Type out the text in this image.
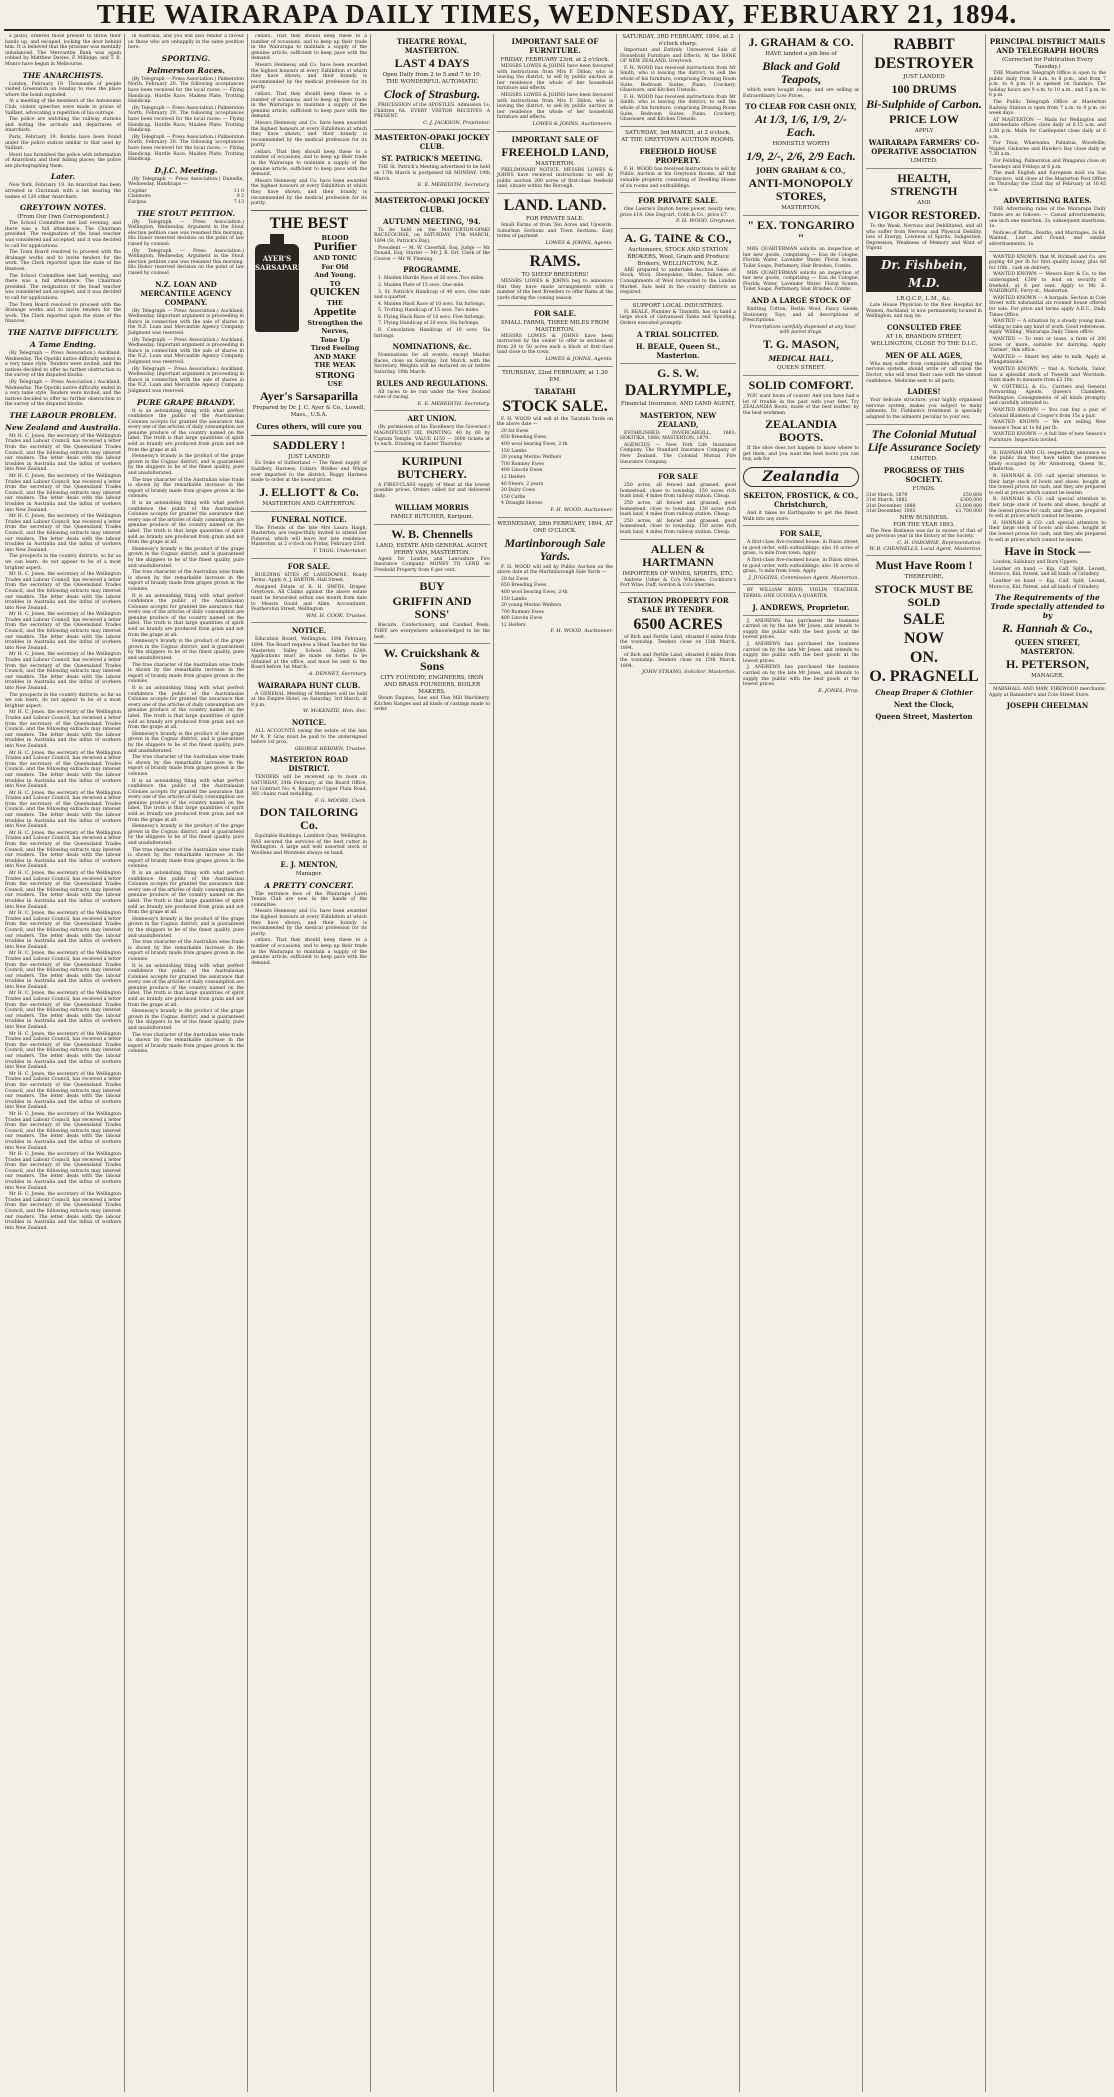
THE WAIRARAPA DAILY TIMES, WEDNESDAY, FEBRUARY 21, 1894.

a pistol, ordered those present to throw their hands up, and escaped, locking the door behind him. It is believed that the prisoner was mentally unbalanced. The Mercantile Bank was again robbed by Matthew Davies, F. Millidge, and T. B. Munro have begun in Melbourne.

THE ANARCHISTS.

London, February 19. Thousands of people visited Greenwich on Sunday to view the place where the bomb exploded.

At a meeting of the members of the Autonomie Club, violent speeches were made in praise of Vaillant, advocating a repetition of his outrage.

The police are watching the railway stations and noting the arrivals and departures of Anarchists.

Paris, February 19. Bombs have been found under the police station similar to that used by Vaillant.

Henri has furnished the police with information of Anarchists and their hiding places; the police are photographing them.

Later.

New York, February 19. An Anarchist has been arrested in Cincinnati with a list bearing the names of 120 other Anarchists.

GREYTOWN NOTES.
(From Our Own Correspondent.)

The School Committee met last evening, and there was a full attendance. The Chairman presided. The resignation of the head teacher was considered and accepted, and it was decided to call for applications.

The Town Board resolved to proceed with the drainage works and to invite tenders for the work. The Clerk reported upon the state of the finances.

The School Committee met last evening, and there was a full attendance. The Chairman presided. The resignation of the head teacher was considered and accepted, and it was decided to call for applications.

The Town Board resolved to proceed with the drainage works and to invite tenders for the work. The Clerk reported upon the state of the finances.

THE NATIVE DIFFICULTY.
A Tame Ending.

(By Telegraph — Press Association.) Auckland, Wednesday. The Opotiki native difficulty ended in a very tame style. Tenders were invited, and the natives decided to offer no further obstruction to the survey of the disputed blocks.

(By Telegraph — Press Association.) Auckland, Wednesday. The Opotiki native difficulty ended in a very tame style. Tenders were invited, and the natives decided to offer no further obstruction to the survey of the disputed blocks.

THE LABOUR PROBLEM.
New Zealand and Australia.

Mr H. C. Jones, the secretary of the Wellington Trades and Labour Council, has received a letter from the secretary of the Queensland Trades Council, and the following extracts may interest our readers. The letter deals with the labour troubles in Australia and the influx of workers into New Zealand.

Mr H. C. Jones, the secretary of the Wellington Trades and Labour Council, has received a letter from the secretary of the Queensland Trades Council, and the following extracts may interest our readers. The letter deals with the labour troubles in Australia and the influx of workers into New Zealand.

Mr H. C. Jones, the secretary of the Wellington Trades and Labour Council, has received a letter from the secretary of the Queensland Trades Council, and the following extracts may interest our readers. The letter deals with the labour troubles in Australia and the influx of workers into New Zealand.

The prospects in the country districts, so far as we can learn, do not appear to be of a most brighter aspect.

Mr H. C. Jones, the secretary of the Wellington Trades and Labour Council, has received a letter from the secretary of the Queensland Trades Council, and the following extracts may interest our readers. The letter deals with the labour troubles in Australia and the influx of workers into New Zealand.

Mr H. C. Jones, the secretary of the Wellington Trades and Labour Council, has received a letter from the secretary of the Queensland Trades Council, and the following extracts may interest our readers. The letter deals with the labour troubles in Australia and the influx of workers into New Zealand.

Mr H. C. Jones, the secretary of the Wellington Trades and Labour Council, has received a letter from the secretary of the Queensland Trades Council, and the following extracts may interest our readers. The letter deals with the labour troubles in Australia and the influx of workers into New Zealand.

The prospects in the country districts, so far as we can learn, do not appear to be of a most brighter aspect.

Mr H. C. Jones, the secretary of the Wellington Trades and Labour Council, has received a letter from the secretary of the Queensland Trades Council, and the following extracts may interest our readers. The letter deals with the labour troubles in Australia and the influx of workers into New Zealand.

Mr H. C. Jones, the secretary of the Wellington Trades and Labour Council, has received a letter from the secretary of the Queensland Trades Council, and the following extracts may interest our readers. The letter deals with the labour troubles in Australia and the influx of workers into New Zealand.

Mr H. C. Jones, the secretary of the Wellington Trades and Labour Council, has received a letter from the secretary of the Queensland Trades Council, and the following extracts may interest our readers. The letter deals with the labour troubles in Australia and the influx of workers into New Zealand.

Mr H. C. Jones, the secretary of the Wellington Trades and Labour Council, has received a letter from the secretary of the Queensland Trades Council, and the following extracts may interest our readers. The letter deals with the labour troubles in Australia and the influx of workers into New Zealand.

Mr H. C. Jones, the secretary of the Wellington Trades and Labour Council, has received a letter from the secretary of the Queensland Trades Council, and the following extracts may interest our readers. The letter deals with the labour troubles in Australia and the influx of workers into New Zealand.

Mr H. C. Jones, the secretary of the Wellington Trades and Labour Council, has received a letter from the secretary of the Queensland Trades Council, and the following extracts may interest our readers. The letter deals with the labour troubles in Australia and the influx of workers into New Zealand.

Mr H. C. Jones, the secretary of the Wellington Trades and Labour Council, has received a letter from the secretary of the Queensland Trades Council, and the following extracts may interest our readers. The letter deals with the labour troubles in Australia and the influx of workers into New Zealand.

Mr H. C. Jones, the secretary of the Wellington Trades and Labour Council, has received a letter from the secretary of the Queensland Trades Council, and the following extracts may interest our readers. The letter deals with the labour troubles in Australia and the influx of workers into New Zealand.

Mr H. C. Jones, the secretary of the Wellington Trades and Labour Council, has received a letter from the secretary of the Queensland Trades Council, and the following extracts may interest our readers. The letter deals with the labour troubles in Australia and the influx of workers into New Zealand.

Mr H. C. Jones, the secretary of the Wellington Trades and Labour Council, has received a letter from the secretary of the Queensland Trades Council, and the following extracts may interest our readers. The letter deals with the labour troubles in Australia and the influx of workers into New Zealand.

Mr H. C. Jones, the secretary of the Wellington Trades and Labour Council, has received a letter from the secretary of the Queensland Trades Council, and the following extracts may interest our readers. The letter deals with the labour troubles in Australia and the influx of workers into New Zealand.

Mr H. C. Jones, the secretary of the Wellington Trades and Labour Council, has received a letter from the secretary of the Queensland Trades Council, and the following extracts may interest our readers. The letter deals with the labour troubles in Australia and the influx of workers into New Zealand.

Mr H. C. Jones, the secretary of the Wellington Trades and Labour Council, has received a letter from the secretary of the Queensland Trades Council, and the following extracts may interest our readers. The letter deals with the labour troubles in Australia and the influx of workers into New Zealand.

in Australia, and you will also render a favour on those who are unhappily in the same position here.

SPORTING.
Palmerston Races.

(By Telegraph — Press Association.) Palmerston North, February 20. The following acceptances have been received for the local races: — Flying Handicap, Hurdle Race, Maiden Plate, Trotting Handicap.

(By Telegraph — Press Association.) Palmerston North, February 20. The following acceptances have been received for the local races: — Flying Handicap, Hurdle Race, Maiden Plate, Trotting Handicap.

(By Telegraph — Press Association.) Palmerston North, February 20. The following acceptances have been received for the local races: — Flying Handicap, Hurdle Race, Maiden Plate, Trotting Handicap.

D.J.C. Meeting.

(By Telegraph — Press Association.) Dunedin, Wednesday. Handicaps —

Cogidar	11 0
Clanmore	9 2
Euripus	7 13
THE STOUT PETITION.

(By Telegraph — Press Association.) Wellington, Wednesday. Argument in the Stout election petition case was resumed this morning. His Honor reserved decision on the point of law raised by counsel.

(By Telegraph — Press Association.) Wellington, Wednesday. Argument in the Stout election petition case was resumed this morning. His Honor reserved decision on the point of law raised by counsel.

N.Z. LOAN AND MERCANTILE AGENCY COMPANY.

(By Telegraph — Press Association.) Auckland, Wednesday. Important argument is proceeding in Banco in connection with the sale of shares in the N.Z. Loan and Mercantile Agency Company. Judgment was reserved.

(By Telegraph — Press Association.) Auckland, Wednesday. Important argument is proceeding in Banco in connection with the sale of shares in the N.Z. Loan and Mercantile Agency Company. Judgment was reserved.

(By Telegraph — Press Association.) Auckland, Wednesday. Important argument is proceeding in Banco in connection with the sale of shares in the N.Z. Loan and Mercantile Agency Company. Judgment was reserved.

PURE GRAPE BRANDY.

It is an astonishing thing with what perfect confidence the public of the Australasian Colonies accepts for granted the assurance that every one of the articles of daily consumption are genuine produce of the country named on the label. The truth is that large quantities of spirit sold as brandy are produced from grain and not from the grape at all.

Hennessy's brandy is the product of the grape grown in the Cognac district, and is guaranteed by the shippers to be of the finest quality, pure and unadulterated.

The true character of the Australian wine trade is shown by the remarkable increase in the export of brandy made from grapes grown in the colonies.

It is an astonishing thing with what perfect confidence the public of the Australasian Colonies accepts for granted the assurance that every one of the articles of daily consumption are genuine produce of the country named on the label. The truth is that large quantities of spirit sold as brandy are produced from grain and not from the grape at all.

Hennessy's brandy is the product of the grape grown in the Cognac district, and is guaranteed by the shippers to be of the finest quality, pure and unadulterated.

The true character of the Australian wine trade is shown by the remarkable increase in the export of brandy made from grapes grown in the colonies.

It is an astonishing thing with what perfect confidence the public of the Australasian Colonies accepts for granted the assurance that every one of the articles of daily consumption are genuine produce of the country named on the label. The truth is that large quantities of spirit sold as brandy are produced from grain and not from the grape at all.

Hennessy's brandy is the product of the grape grown in the Cognac district, and is guaranteed by the shippers to be of the finest quality, pure and unadulterated.

The true character of the Australian wine trade is shown by the remarkable increase in the export of brandy made from grapes grown in the colonies.

It is an astonishing thing with what perfect confidence the public of the Australasian Colonies accepts for granted the assurance that every one of the articles of daily consumption are genuine produce of the country named on the label. The truth is that large quantities of spirit sold as brandy are produced from grain and not from the grape at all.

Hennessy's brandy is the product of the grape grown in the Cognac district, and is guaranteed by the shippers to be of the finest quality, pure and unadulterated.

The true character of the Australian wine trade is shown by the remarkable increase in the export of brandy made from grapes grown in the colonies.

It is an astonishing thing with what perfect confidence the public of the Australasian Colonies accepts for granted the assurance that every one of the articles of daily consumption are genuine produce of the country named on the label. The truth is that large quantities of spirit sold as brandy are produced from grain and not from the grape at all.

Hennessy's brandy is the product of the grape grown in the Cognac district, and is guaranteed by the shippers to be of the finest quality, pure and unadulterated.

The true character of the Australian wine trade is shown by the remarkable increase in the export of brandy made from grapes grown in the colonies.

It is an astonishing thing with what perfect confidence the public of the Australasian Colonies accepts for granted the assurance that every one of the articles of daily consumption are genuine produce of the country named on the label. The truth is that large quantities of spirit sold as brandy are produced from grain and not from the grape at all.

Hennessy's brandy is the product of the grape grown in the Cognac district, and is guaranteed by the shippers to be of the finest quality, pure and unadulterated.

The true character of the Australian wine trade is shown by the remarkable increase in the export of brandy made from grapes grown in the colonies.

It is an astonishing thing with what perfect confidence the public of the Australasian Colonies accepts for granted the assurance that every one of the articles of daily consumption are genuine produce of the country named on the label. The truth is that large quantities of spirit sold as brandy are produced from grain and not from the grape at all.

Hennessy's brandy is the product of the grape grown in the Cognac district, and is guaranteed by the shippers to be of the finest quality, pure and unadulterated.

The true character of the Australian wine trade is shown by the remarkable increase in the export of brandy made from grapes grown in the colonies.

cellars. That they should keep these to a number of occasions, and to keep up their trade in the Wairarapa to maintain a supply of the genuine article, sufficient to keep pace with the demand.

Messrs Hennessy and Co. have been awarded the highest honours at every Exhibition at which they have shown, and their brandy is recommended by the medical profession for its purity.

cellars. That they should keep these to a number of occasions, and to keep up their trade in the Wairarapa to maintain a supply of the genuine article, sufficient to keep pace with the demand.

Messrs Hennessy and Co. have been awarded the highest honours at every Exhibition at which they have shown, and their brandy is recommended by the medical profession for its purity.

cellars. That they should keep these to a number of occasions, and to keep up their trade in the Wairarapa to maintain a supply of the genuine article, sufficient to keep pace with the demand.

Messrs Hennessy and Co. have been awarded the highest honours at every Exhibition at which they have shown, and their brandy is recommended by the medical profession for its purity.

THE BEST
AYER'S SARSAPARILLA
BLOOD
Purifier
AND TONIC
For Old
And Young.
TO
QUICKEN
THE
Appetite
Strengthen the Nerves,
Tone Up
Tired Feeling
AND MAKE
THE WEAK
STRONG
USE
Ayer's Sarsaparilla
Prepared by Dr. J. C. Ayer & Co., Lowell, Mass., U.S.A.
Cures others, will cure you
SADDLERY !
JUST LANDED

Ex Duke of Sutherland — The finest supply of Saddlery, Harness, Collars, Bridles and Whips ever imported to the district. Buggy Harness made to order at the lowest prices.

J. ELLIOTT & Co.
MASTERTON AND CARTERTON.
FUNERAL NOTICE.

The Friends of the late Mrs Laura Haigh, Masterton, are respectfully invited to attend her Funeral, which will leave her late residence, Masterton, at 2 o'clock on Friday, February 23rd.

T. TAGG, Undertaker.
FOR SALE.

BUILDING SITES AT LANSDOWNE, Ready Terms. Apply A. J. BARTON, Hall Street.

Assigned Estate of R. H. SMITH, Draper, Greytown. All Claims against the above estate must be forwarded within one month from date to Messrs Gould and Allen, Accountants, Featherston Street, Wellington.

WM. H. COOK, Trustee.
NOTICE.

Education Board, Wellington, 10th February, 1894. The Board requires a Head Teacher for the Masterton Valley School. Salary £200. Applications must be made on forms to be obtained at the office, and must be sent to the Board before 1st March.

A. DENNET, Secretary.
WAIRARAPA HUNT CLUB.

A GENERAL Meeting of Members will be held at the Empire Hotel, on Saturday, 3rd March, at 8 p.m.

W. McKENZIE, Hon. Sec.
NOTICE.

ALL ACCOUNTS owing the estate of the late Mr R. P. Gray must be paid to the undersigned before 1st prox.

GEORGE HEBDEN, Trustee.
MASTERTON ROAD DISTRICT.

TENDERS will be received up to noon on SATURDAY, 24th February, at the Board Office, for Contract No. 4, Kaiparoro-Upper Plain Road; 392 chains road metalling.

F. G. MOORE, Clerk.
DON TAILORING Co.

Equitable Buildings, Lambton Quay, Wellington. HAS secured the services of the best cutter in Wellington. A large and well assorted stock of Woollens and Worsteds always on hand.

E. J. MENTON,
Manager.
A PRETTY CONCERT.

The entrance fees of the Wairarapa Lawn Tennis Club are now in the hands of the committee.

Messrs Hennessy and Co. have been awarded the highest honours at every Exhibition at which they have shown, and their brandy is recommended by the medical profession for its purity.

cellars. That they should keep these to a number of occasions, and to keep up their trade in the Wairarapa to maintain a supply of the genuine article, sufficient to keep pace with the demand.

THEATRE ROYAL, MASTERTON.
LAST 4 DAYS
Open Daily from 2 to 5 and 7 to 10.
THE WONDERFUL AUTOMATIC
Clock of Strasburg.

PROCESSION of the APOSTLES. Admission 1s; Children 6d. EVERY VISITOR RECEIVES A PRESENT.

C. J. JACKSON, Proprietor.
MASTERTON-OPAKI JOCKEY CLUB.
ST. PATRICK'S MEETING.

THE St. Patrick's Meeting advertised to be held on 17th March is postponed till MONDAY, 19th March.

E. E. MEREDITH, Secretary.
MASTERTON-OPAKI JOCKEY CLUB.
AUTUMN MEETING, '94.

To be held on the MASTERTON-OPAKI RACECOURSE, on SATURDAY, 17th MARCH, 1894 (St. Patrick's Day).

President — M. W. Caverhill, Esq. Judge — Mr Donald, Esq. Starter — Mr J. R. Orr. Clerk of the Course — Mr W. Fleming.

PROGRAMME.

1. Maiden Hurdle Race of 30 sovs. Two miles.

2. Maiden Plate of 15 sovs. One mile.

3. St. Patrick's Handicap of 40 sovs. One mile and a quarter.

4. Maiden Hack Race of 10 sovs. Six furlongs.

5. Trotting Handicap of 15 sovs. Two miles.

6. Flying Hack Race of 10 sovs. Five furlongs.

7. Flying Handicap of 20 sovs. Six furlongs.

8. Consolation Handicap of 10 sovs. Six furlongs.

NOMINATIONS, &c.

Nominations for all events, except Maiden Races, close on Saturday, 3rd March, with the Secretary. Weights will be declared on or before Saturday, 10th March.

RULES AND REGULATIONS.

All races to be run under the New Zealand rules of racing.

E. E. MEREDITH, Secretary.
ART UNION.

(By permission of his Excellency the Governor.) MAGNIFICENT OIL PAINTING, 40 by 60 by Captain Temple. VALUE £150 — 3000 tickets at 1s each. Drawing on Easter Thursday.

KURIPUNI BUTCHERY.

A FIRST-CLASS supply of Meat at the lowest possible prices. Orders called for and delivered daily.

WILLIAM MORRIS
FAMILY BUTCHER, Kuripuni.
W. B. Chennells
LAND, ESTATE AND GENERAL AGENT, PERRY VAN, MASTERTON.

Agent for London and Lancashire Fire Insurance Company. MONEY TO LEND on Freehold Property from 6 per cent.

BUY
GRIFFIN AND SONS'

Biscuits, Confectionery, and Candied Peels. THEY are everywhere acknowledged to be the best.

W. Cruickshank & Sons
CITY FOUNDRY, ENGINEERS, IRON AND BRASS FOUNDERS, BOILER MAKERS.

Steam Engines, Saw and Flax Mill Machinery, Kitchen Ranges and all kinds of castings made to order.

IMPORTANT SALE OF FURNITURE.
FRIDAY, FEBRUARY 23rd, at 2 o'clock.

MESSRS LOWES & JOHNS have been favoured with instructions from Mrs F. Dillon, who is leaving the district, to sell by public auction at her residence the whole of her household furniture and effects.

MESSRS LOWES & JOHNS have been favoured with instructions from Mrs F. Dillon, who is leaving the district, to sell by public auction at her residence the whole of her household furniture and effects.

LOWES & JOHNS, Auctioneers.
IMPORTANT SALE OF
FREEHOLD LAND,
MASTERTON.

PRELIMINARY NOTICE. MESSRS LOWES & JOHNS have received instructions to sell by public auction 200 acres of first-class freehold land, situate within the Borough.

LAND. LAND.
FOR PRIVATE SALE.

Small Farms of from Ten Acres and Upwards. Suburban Sections and Town Sections. Easy terms of payment.

LOWES & JOHNS, Agents.
RAMS.
TO SHEEP BREEDERS!

MESSRS LOWES & JOHNS beg to announce that they have made arrangements with a number of the best Breeders to offer Rams at the yards during the coming season.

FOR SALE.
SMALL FARMS, THREE MILES FROM MASTERTON.

MESSRS LOWES & JOHNS have been instructed by the owner to offer in sections of from 20 to 50 acres each a block of first-class land close to the town.

LOWES & JOHNS, Agents.
THURSDAY, 22nd FEBRUARY, at 1.30 P.M.
TARATAHI
STOCK SALE.

F. H. WOOD will sell at the Taratahi Yards on the above date —

20 fat Ewes

650 Breeding Ewes

400 wool bearing Ewes, 2-th

150 Lambs

20 young Merino Wethers

700 Romney Ewes

400 Lincoln Ewes

12 Heifers

40 Steers, 2 years

20 Dairy Cows

150 Cattle

4 Draught Horses

F. H. WOOD, Auctioneer.
WEDNESDAY, 28th FEBRUARY, 1894, AT ONE O'CLOCK.
Martinborough Sale Yards.

F. H. WOOD will sell by Public Auction on the above date at the Martinborough Sale Yards —

20 fat Ewes

650 Breeding Ewes

400 wool bearing Ewes, 2-th

150 Lambs

20 young Merino Wethers

700 Romney Ewes

400 Lincoln Ewes

12 Heifers

F. H. WOOD, Auctioneer.
SATURDAY, 3RD FEBRUARY, 1894, at 2 o'clock sharp.

Important and Entirely Unreserved Sale of Household Furniture and Effects. At the BANK OF NEW ZEALAND, Greytown.

F. H. WOOD has received instructions from Mr Smith, who is leaving the district, to sell the whole of his furniture, comprising Drawing Room Suite, Bedroom Suites, Piano, Crockery, Glassware, and Kitchen Utensils.

F. H. WOOD has received instructions from Mr Smith, who is leaving the district, to sell the whole of his furniture, comprising Drawing Room Suite, Bedroom Suites, Piano, Crockery, Glassware, and Kitchen Utensils.

SATURDAY, 3rd MARCH, at 2 o'clock.
AT THE GREYTOWN AUCTION ROOMS.
FREEHOLD HOUSE PROPERTY.

F. H. WOOD has received instructions to sell by Public Auction at his Greytown Rooms, all that valuable property, consisting of Dwelling House of six rooms and outbuildings.

FOR PRIVATE SALE.

One Lawrie's Dayton horse power, nearly new; price £18. One Dogcart, Cobb & Co., price £7.

F. H. WOOD, Greytown.
A. G. TAINE & CO.,
Auctioneers, STOCK AND STATION BROKERS, Wool, Grain and Produce Brokers, WELLINGTON, N.Z.

ARE prepared to undertake Auction Sales of Stock, Wool, Sheepskins, Hides, Tallow, etc. Consignments of Wool forwarded to the London Market. Sale held in the country districts as required.

SUPPORT LOCAL INDUSTRIES.

H. BEALE, Plumber & Tinsmith, has on hand a large stock of Galvanised Tanks and Spouting. Orders executed promptly.

A TRIAL SOLICITED.
H. BEALE, Queen St., Masterton.
G. S. W.
DALRYMPLE,
Financial Insurance, AND LAND AGENT,
MASTERTON, NEW ZEALAND,

ESTABLISHED: INVERCARGILL, 1863; HOKITIKA, 1866; MASTERTON, 1879.

AGENCIES — New York Life Insurance Company. The Standard Insurance Company of New Zealand. The Colonial Mutual Fire Insurance Company.

FOR SALE

250 acres, all fenced and grassed, good homestead, close to township. 150 acres rich bush land, 4 miles from railway station. Cheap.

250 acres, all fenced and grassed, good homestead, close to township. 150 acres rich bush land, 4 miles from railway station. Cheap.

250 acres, all fenced and grassed, good homestead, close to township. 150 acres rich bush land, 4 miles from railway station. Cheap.

ALLEN & HARTMANN
IMPORTERS OF WINES, SPIRITS, ETC.

Andrew Usher & Co's Whiskies. Cockburn's Port Wine. Duff, Gordon & Co's Sherries.

STATION PROPERTY FOR SALE BY TENDER.
6500 ACRES

of Rich and Fertile Land, situated 6 miles from the township. Tenders close on 15th March, 1894.

of Rich and Fertile Land, situated 6 miles from the township. Tenders close on 15th March, 1894.

JOHN STRANG, Solicitor, Masterton.
J. GRAHAM & CO.
HAVE landed a job line of
Black and Gold Teapots,

which were bought cheap, and are selling at Extraordinary Low Prices.

TO CLEAR FOR CASH ONLY,
At 1/3, 1/6, 1/9, 2/- Each.
HONESTLY WORTH
1/9, 2/-, 2/6, 2/9 Each.
JOHN GRAHAM & CO.,
ANTI-MONOPOLY STORES,
MASTERTON.
" EX. TONGARIRO "

MRS QUARTERMAN solicits an inspection of her new goods, comprising — Eau de Cologne, Florida Water, Lavender Water, Floral Scents, Toilet Soaps, Perfumery, Hair Brushes, Combs.

MRS QUARTERMAN solicits an inspection of her new goods, comprising — Eau de Cologne, Florida Water, Lavender Water, Floral Scents, Toilet Soaps, Perfumery, Hair Brushes, Combs.

AND A LARGE STOCK OF

Knitting Cotton, Berlin Wool, Fancy Goods, Stationery, Toys, and all descriptions of Prescriptions.

Prescriptions carefully dispensed at any hour, with purest drugs.

T. G. MASON,
MEDICAL HALL,
QUEEN STREET.
SOLID COMFORT.

YOU want boots of course! And you have had a lot of trouble in the past with your feet. Try ZEALANDIA Boots, made of the best leather, by the best workmen.

ZEALANDIA BOOTS.

If the shoe does not happen to know where to get them, and you want the best boots you can buy, ask for

Zealandia
SKELTON, FROSTICK, & CO., Christchurch,

And it takes no Earthquake to get the finest. Walk into any store.

FOR SALE,

A first-class five-roomed house, in Dixon street, in good order, with outbuildings; also 10 acres of grass, ¼ mile from town. Apply

A first-class five-roomed house, in Dixon street, in good order, with outbuildings; also 10 acres of grass, ¼ mile from town. Apply

J. JUGGINS, Commission Agent, Masterton.

BY WILLIAM BOYD, VIOLIN TEACHER. TERMS: ONE GUINEA A QUARTER.

J. ANDREWS, Proprietor.

J. ANDREWS has purchased the business carried on by the late Mr Jones, and intends to supply the public with the best goods at the lowest prices.

J. ANDREWS has purchased the business carried on by the late Mr Jones, and intends to supply the public with the best goods at the lowest prices.

J. ANDREWS has purchased the business carried on by the late Mr Jones, and intends to supply the public with the best goods at the lowest prices.

E. JONES, Prop.
RABBIT
DESTROYER
JUST LANDED
100 DRUMS
Bi-Sulphide of Carbon.
PRICE LOW
APPLY
WAIRARAPA FARMERS' CO-OPERATIVE ASSOCIATION
LIMITED.
HEALTH, STRENGTH
AND
VIGOR RESTORED.

To the Weak, Nervous and Debilitated, and all who suffer from Nervous and Physical Debility, loss of Energy, Lowness of Spirits, Indigestion, Depression, Weakness of Memory and Want of Vigour.

Dr. Fishbein, M.D.
LR.Q.C.P., L.M., &c.

Late House Physician to the New Hospital for Women, Auckland, is now permanently located in Wellington, and may be

CONSULTED FREE
AT 16, BRANDON STREET, WELLINGTON, CLOSE TO THE D.I.C.
MEN OF ALL AGES,

Who may suffer from complaints affecting the nervous system, should write or call upon the Doctor, who will treat their case with the utmost confidence. Medicine sent to all parts.

LADIES!

Your delicate structure, your highly organised nervous system, makes you subject to many ailments. Dr. Fishbein's treatment is specially adapted to the ailments peculiar to your sex.

The Colonial Mutual Life Assurance Society
LIMITED.
PROGRESS OF THIS SOCIETY.
FUNDS.
31st March, 1879	£50,608
31st March, 1882	£300,000
31st December, 1888	£1,000,000
31st December, 1892	£1,700,000
NEW BUSINESS.
FOR THE YEAR 1893.

The New Business was far in excess of that of any previous year in the history of the Society.

C. H. OSBORNE, Representative.
W. B. CHENNELLS, Local Agent, Masterton.
Must Have Room !
THEREFORE,
STOCK MUST BE SOLD
SALE
NOW
ON.
O. PRAGNELL
Cheap Draper & Clothier
Next the Clock,
Queen Street, Masterton
PRINCIPAL DISTRICT MAILS AND TELEGRAPH HOURS
(Corrected for Publication Every Tuesday.)

THE Masterton Telegraph Office is open to the public daily from 8 a.m. to 8 p.m., and from 7 p.m. to 8 p.m. It is opened on Sundays. The holiday hours are 9 a.m. to 10 a.m., and 5 p.m. to 6 p.m.

The Public Telegraph Office at Masterton Railway Station is open from 7 a.m. to 9 p.m. on week days.

AT MASTERTON — Mails for Wellington and intermediate offices close daily at 6.15 a.m. and 1.30 p.m. Mails for Castlepoint close daily at 6 a.m.

For Tinui, Whareama, Pahiatua, Woodville, Napier, Gisborne and Hawke's Bay close daily at 7.30 a.m.

For Feilding, Palmerston and Wanganui close on Tuesdays and Fridays at 6 p.m.

The mail English and European mail via San Francisco, will close at the Masterton Post Office on Thursday the 22nd day of February at 10.45 a.m.

ADVERTISING RATES.

THE Advertising rates of the Wairarapa Daily Times are as follows: — Casual advertisements, one inch one insertion, 2s; subsequent insertions, 1s.

Notices of Births, Deaths, and Marriages, 2s 6d. Wanted, Lost and Found, and similar advertisements, 1s.

WANTED KNOWN, that W. Bicknell and Co. are paying 4d per lb for first quality honey, plus 6d for 10lb., cash on delivery.

WANTED KNOWN — Messrs Kerr & Co. to the undersigned, £300 to lend on security of freehold, at 6 per cent. Apply to Mr. E. WARDROPE, Ferry-st., Masterton.

WANTED KNOWN — A bargain. Section in Cole Street with substantial six roomed house offered for sale. For price and terms apply A.B.C., Daily Times Office.

WANTED — A situation by a steady young man, willing to take any kind of work. Good references. Apply 'Willing', Wairarapa Daily Times office.

WANTED — To rent or lease, a farm of 200 acres or more, suitable for dairying. Apply 'Farmer', this office.

WANTED — Smart boy able to milk. Apply at Mangatainoka.

WANTED KNOWN — that A. Nicholls, Tailor, has a splendid stock of Tweeds and Worsteds. Suits made to measure from £3 10s.

W. COTTRELL & Co., Carriers and General Forwarding Agents, Queen's Chambers, Wellington. Consignments of all kinds promptly and carefully attended to.

WANTED KNOWN — You can buy a pair of Colonial Blankets at Cooper's from 15s a pair.

WANTED KNOWN — We are selling New Season's Teas at 1s 8d per lb.

WANTED KNOWN — A full line of new Season's Furniture. Inspection invited.

R. HANNAH AND CO. respectfully announce to the public that they have taken the premises lately occupied by Mr Armstrong, Queen St., Masterton.

R. HANNAH & CO. call special attention to their large stock of boots and shoes, bought at the lowest prices for cash, and they are prepared to sell at prices which cannot be beaten.

R. HANNAH & CO. call special attention to their large stock of boots and shoes, bought at the lowest prices for cash, and they are prepared to sell at prices which cannot be beaten.

R. HANNAH & CO. call special attention to their large stock of boots and shoes, bought at the lowest prices for cash, and they are prepared to sell at prices which cannot be beaten.

Have in Stock —

London, Salisbury and Burn Uppers.

Leather on hand — Kip, Calf, Split, Levant, Morocco, Kid, Patent, and all kinds of Grindery.

Leather on hand — Kip, Calf, Split, Levant, Morocco, Kid, Patent, and all kinds of Grindery.

The Requirements of the Trade specially attended to by
R. Hannah & Co.,
QUEEN STREET, MASTERTON.
H. PETERSON,
MANAGER.

MARSHALL AND MAW, FIREWOOD merchants. Apply at Bannister's and Cole Street Store.

JOSEPH CHEELMAN
